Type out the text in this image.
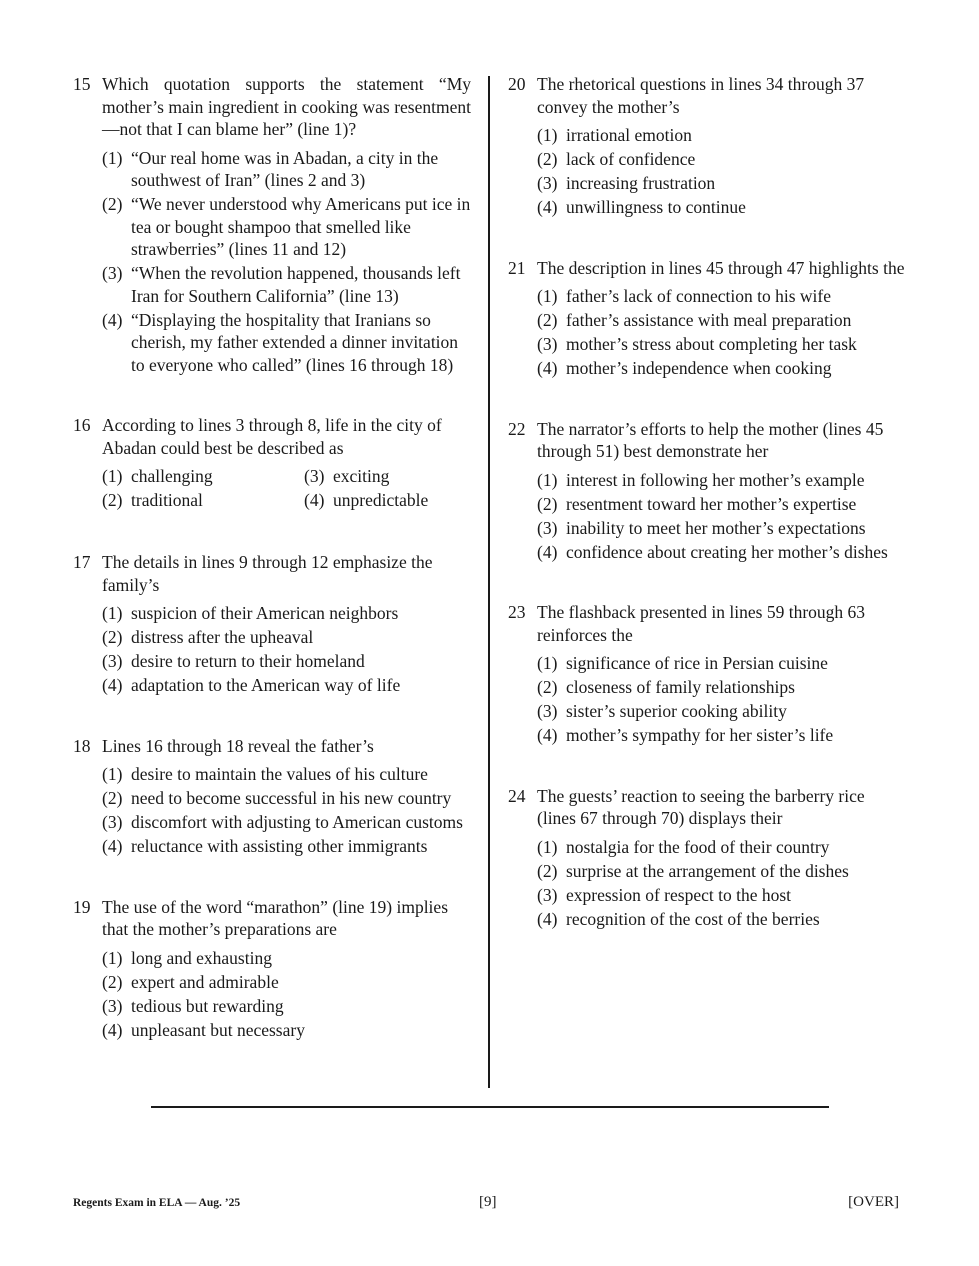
15 Which quotation supports the statement “My mother’s main ingredient in cooking was resentment—not that I can blame her” (line 1)?
(1) “Our real home was in Abadan, a city in the southwest of Iran” (lines 2 and 3)
(2) “We never understood why Americans put ice in tea or bought shampoo that smelled like strawberries” (lines 11 and 12)
(3) “When the revolution happened, thousands left Iran for Southern California” (line 13)
(4) “Displaying the hospitality that Iranians so cherish, my father extended a dinner invitation to everyone who called” (lines 16 through 18)
16 According to lines 3 through 8, life in the city of Abadan could best be described as
(1) challenging	(3) exciting
(2) traditional	(4) unpredictable
17 The details in lines 9 through 12 emphasize the family’s
(1) suspicion of their American neighbors
(2) distress after the upheaval
(3) desire to return to their homeland
(4) adaptation to the American way of life
18 Lines 16 through 18 reveal the father’s
(1) desire to maintain the values of his culture
(2) need to become successful in his new country
(3) discomfort with adjusting to American customs
(4) reluctance with assisting other immigrants
19 The use of the word “marathon” (line 19) implies that the mother’s preparations are
(1) long and exhausting
(2) expert and admirable
(3) tedious but rewarding
(4) unpleasant but necessary
20 The rhetorical questions in lines 34 through 37 convey the mother’s
(1) irrational emotion
(2) lack of confidence
(3) increasing frustration
(4) unwillingness to continue
21 The description in lines 45 through 47 highlights the
(1) father’s lack of connection to his wife
(2) father’s assistance with meal preparation
(3) mother’s stress about completing her task
(4) mother’s independence when cooking
22 The narrator’s efforts to help the mother (lines 45 through 51) best demonstrate her
(1) interest in following her mother’s example
(2) resentment toward her mother’s expertise
(3) inability to meet her mother’s expectations
(4) confidence about creating her mother’s dishes
23 The flashback presented in lines 59 through 63 reinforces the
(1) significance of rice in Persian cuisine
(2) closeness of family relationships
(3) sister’s superior cooking ability
(4) mother’s sympathy for her sister’s life
24 The guests’ reaction to seeing the barberry rice (lines 67 through 70) displays their
(1) nostalgia for the food of their country
(2) surprise at the arrangement of the dishes
(3) expression of respect to the host
(4) recognition of the cost of the berries
Regents Exam in ELA — Aug. ’25	[9]	[OVER]
